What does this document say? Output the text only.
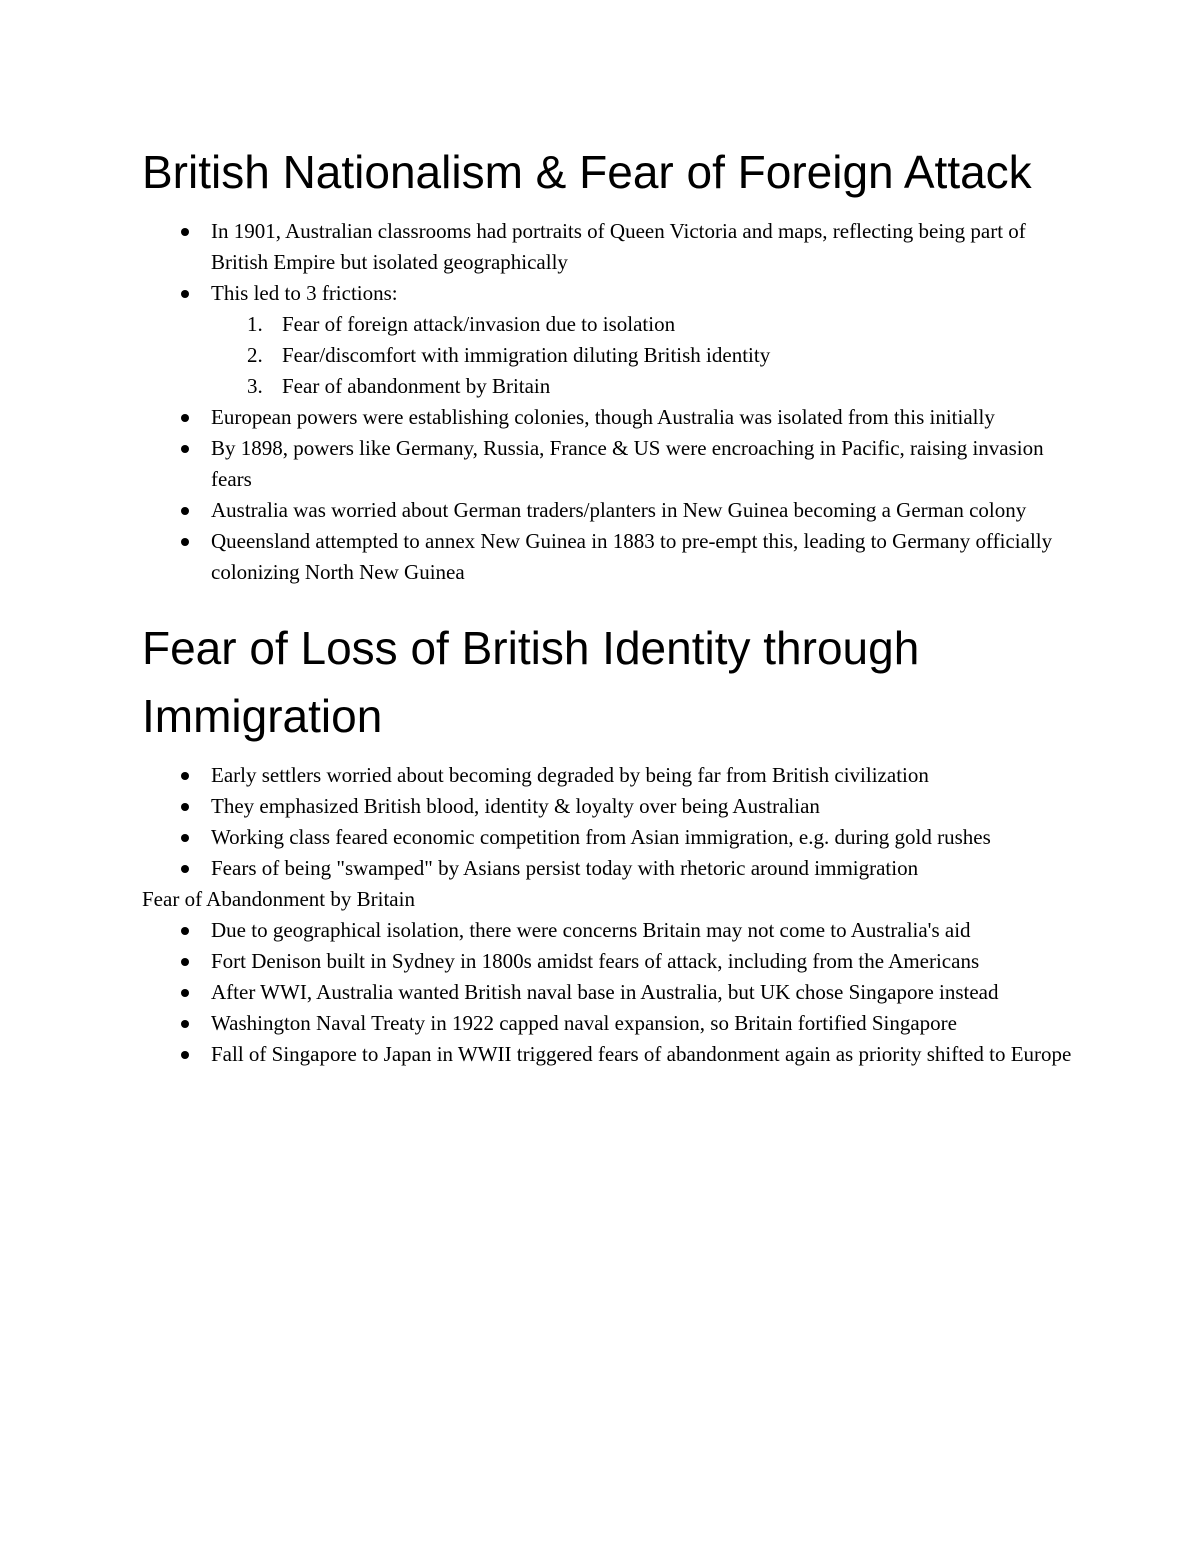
British Nationalism & Fear of Foreign Attack
In 1901, Australian classrooms had portraits of Queen Victoria and maps, reflecting being part of British Empire but isolated geographically
This led to 3 frictions:
1. Fear of foreign attack/invasion due to isolation
2. Fear/discomfort with immigration diluting British identity
3. Fear of abandonment by Britain
European powers were establishing colonies, though Australia was isolated from this initially
By 1898, powers like Germany, Russia, France & US were encroaching in Pacific, raising invasion fears
Australia was worried about German traders/planters in New Guinea becoming a German colony
Queensland attempted to annex New Guinea in 1883 to pre-empt this, leading to Germany officially colonizing North New Guinea
Fear of Loss of British Identity through Immigration
Early settlers worried about becoming degraded by being far from British civilization
They emphasized British blood, identity & loyalty over being Australian
Working class feared economic competition from Asian immigration, e.g. during gold rushes
Fears of being "swamped" by Asians persist today with rhetoric around immigration

Fear of Abandonment by Britain

Due to geographical isolation, there were concerns Britain may not come to Australia's aid
Fort Denison built in Sydney in 1800s amidst fears of attack, including from the Americans
After WWI, Australia wanted British naval base in Australia, but UK chose Singapore instead
Washington Naval Treaty in 1922 capped naval expansion, so Britain fortified Singapore
Fall of Singapore to Japan in WWII triggered fears of abandonment again as priority shifted to Europe
